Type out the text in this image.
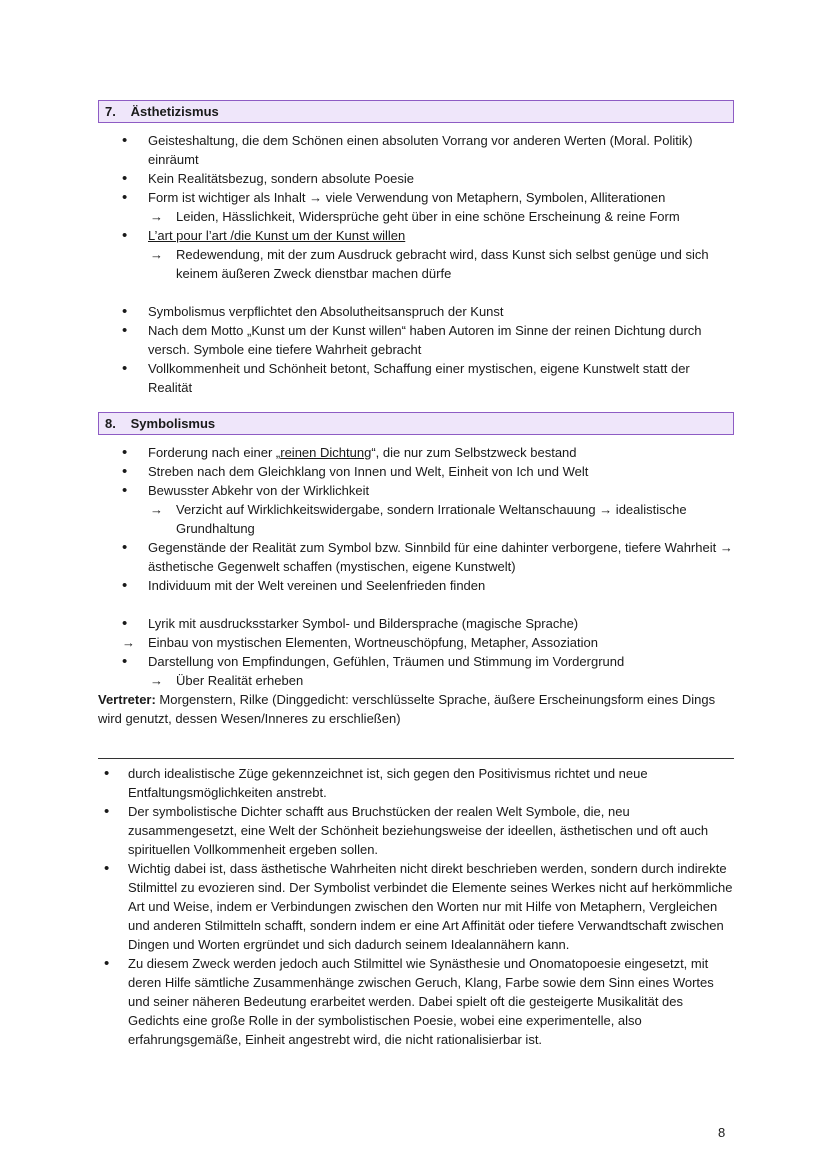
7. Ästhetizismus
• Geisteshaltung, die dem Schönen einen absoluten Vorrang vor anderen Werten (Moral. Politik) einräumt
• Kein Realitätsbezug, sondern absolute Poesie
• Form ist wichtiger als Inhalt → viele Verwendung von Metaphern, Symbolen, Alliterationen
→ Leiden, Hässlichkeit, Widersprüche geht über in eine schöne Erscheinung & reine Form
• L’art pour l’art /die Kunst um der Kunst willen
→ Redewendung, mit der zum Ausdruck gebracht wird, dass Kunst sich selbst genüge und sich keinem äußeren Zweck dienstbar machen dürfe
• Symbolismus verpflichtet den Absolutheitsanspruch der Kunst
• Nach dem Motto „Kunst um der Kunst willen“ haben Autoren im Sinne der reinen Dichtung durch versch. Symbole eine tiefere Wahrheit gebracht
• Vollkommenheit und Schönheit betont, Schaffung einer mystischen, eigene Kunstwelt statt der Realität
8. Symbolismus
• Forderung nach einer „reinen Dichtung“, die nur zum Selbstzweck bestand
• Streben nach dem Gleichklang von Innen und Welt, Einheit von Ich und Welt
• Bewusster Abkehr von der Wirklichkeit
→ Verzicht auf Wirklichkeitswidergabe, sondern Irrationale Weltanschauung → idealistische Grundhaltung
• Gegenstände der Realität zum Symbol bzw. Sinnbild für eine dahinter verborgene, tiefere Wahrheit → ästhetische Gegenwelt schaffen (mystischen, eigene Kunstwelt)
• Individuum mit der Welt vereinen und Seelenfrieden finden
• Lyrik mit ausdrucksstarker Symbol- und Bildersprache (magische Sprache)
→ Einbau von mystischen Elementen, Wortneuschöpfung, Metapher, Assoziation
• Darstellung von Empfindungen, Gefühlen, Träumen und Stimmung im Vordergrund
→ Über Realität erheben
Vertreter: Morgenstern, Rilke (Dinggedicht: verschlüsselte Sprache, äußere Erscheinungsform eines Dings wird genutzt, dessen Wesen/Inneres zu erschließen)
• durch idealistische Züge gekennzeichnet ist, sich gegen den Positivismus richtet und neue Entfaltungsmöglichkeiten anstrebt.
• Der symbolistische Dichter schafft aus Bruchstücken der realen Welt Symbole, die, neu zusammengesetzt, eine Welt der Schönheit beziehungsweise der ideellen, ästhetischen und oft auch spirituellen Vollkommenheit ergeben sollen.
• Wichtig dabei ist, dass ästhetische Wahrheiten nicht direkt beschrieben werden, sondern durch indirekte Stilmittel zu evozieren sind. Der Symbolist verbindet die Elemente seines Werkes nicht auf herkömmliche Art und Weise, indem er Verbindungen zwischen den Worten nur mit Hilfe von Metaphern, Vergleichen und anderen Stilmitteln schafft, sondern indem er eine Art Affinität oder tiefere Verwandtschaft zwischen Dingen und Worten ergründet und sich dadurch seinem Idealannähern kann.
• Zu diesem Zweck werden jedoch auch Stilmittel wie Synästhesie und Onomatopoesie eingesetzt, mit deren Hilfe sämtliche Zusammenhänge zwischen Geruch, Klang, Farbe sowie dem Sinn eines Wortes und seiner näheren Bedeutung erarbeitet werden. Dabei spielt oft die gesteigerte Musikalität des Gedichts eine große Rolle in der symbolistischen Poesie, wobei eine experimentelle, also erfahrungsgemäße, Einheit angestrebt wird, die nicht rationalisierbar ist.
8
